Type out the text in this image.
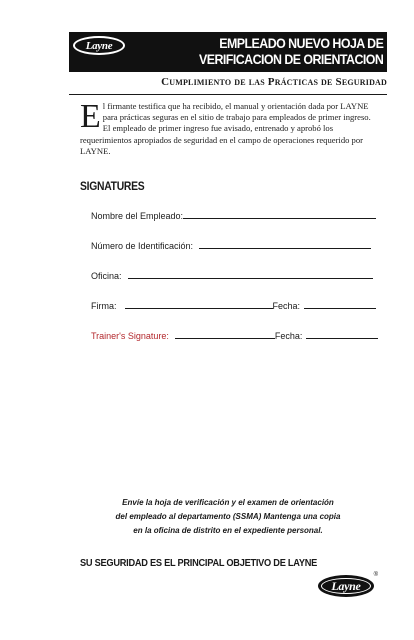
Layne	EMPLEADO NUEVO HOJA DE
VERIFICACION DE ORIENTACION
Cumplimiento de las Prácticas de Seguridad
El firmante testifica que ha recibido, el manual y orientación dada por LAYNE para prácticas seguras en el sitio de trabajo para empleados de primer ingreso. El empleado de primer ingreso fue avisado, entrenado y aprobó los requerimientos apropiados de seguridad en el campo de operaciones requerido por LAYNE.
SIGNATURES
Nombre del Empleado:
Número de Identificación:
Oficina:
Firma:	Fecha:
Trainer's Signature:	Fecha:
Envíe la hoja de verificación y el examen de orientación
del empleado al departamento (SSMA) Mantenga una copia
en la oficina de distrito en el expediente personal.
SU SEGURIDAD ES EL PRINCIPAL OBJETIVO DE LAYNE
Layne
®
